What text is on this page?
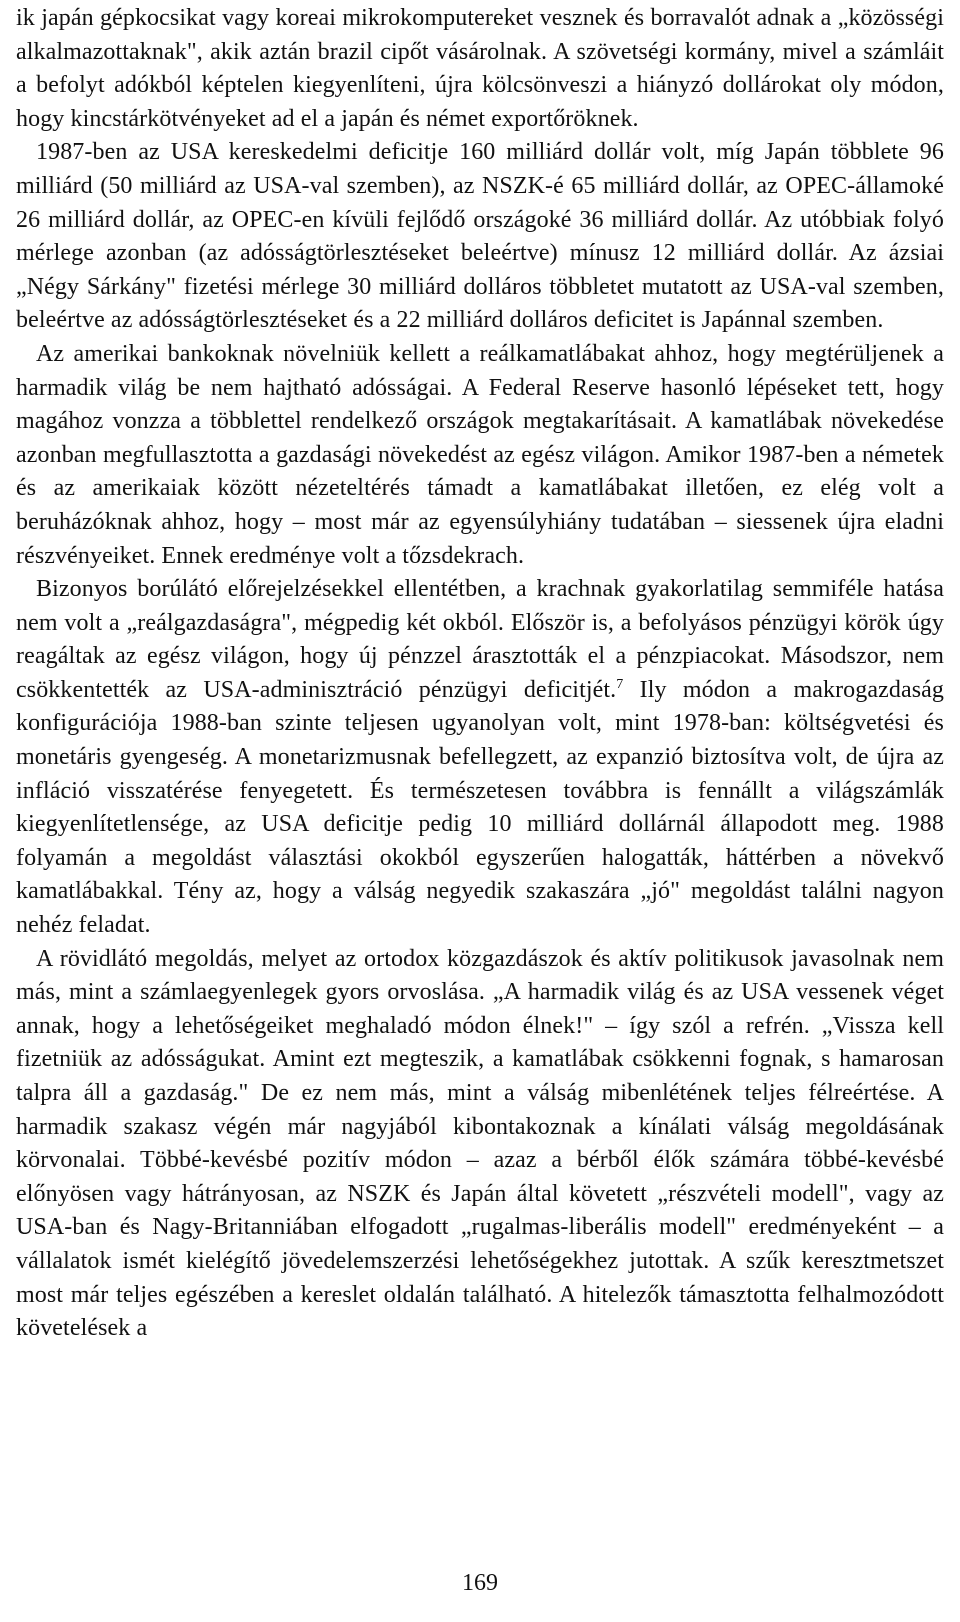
ik japán gépkocsikat vagy koreai mikrokomputereket vesznek és borravalót adnak a „közösségi alkalmazottaknak", akik aztán brazil cipőt vásárolnak. A szövetségi kormány, mivel a számláit a befolyt adókból képtelen kiegyenlíteni, újra kölcsönveszi a hiányzó dollárokat oly módon, hogy kincstárkötvényeket ad el a japán és német exportőröknek.

1987-ben az USA kereskedelmi deficitje 160 milliárd dollár volt, míg Japán többlete 96 milliárd (50 milliárd az USA-val szemben), az NSZK-é 65 milliárd dollár, az OPEC-államoké 26 milliárd dollár, az OPEC-en kívüli fejlődő országoké 36 milliárd dollár. Az utóbbiak folyó mérlege azonban (az adósságtörlesztéseket beleértve) mínusz 12 milliárd dollár. Az ázsiai „Négy Sárkány" fizetési mérlege 30 milliárd dolláros többletet mutatott az USA-val szemben, beleértve az adósságtörlesztéseket és a 22 milliárd dolláros deficitet is Japánnal szemben.

Az amerikai bankoknak növelniük kellett a reálkamatlábakat ahhoz, hogy megtérüljenek a harmadik világ be nem hajtható adósságai. A Federal Reserve hasonló lépéseket tett, hogy magához vonzza a többlettel rendelkező országok megtakarításait. A kamatlábak növekedése azonban megfullasztotta a gazdasági növekedést az egész világon. Amikor 1987-ben a németek és az amerikaiak között nézeteltérés támadt a kamatlábakat illetően, ez elég volt a beruházóknak ahhoz, hogy – most már az egyensúlyhiány tudatában – siessenek újra eladni részvényeiket. Ennek eredménye volt a tőzsdekrach.

Bizonyos borúlátó előrejelzésekkel ellentétben, a krachnak gyakorlatilag semmiféle hatása nem volt a „reálgazdaságra", mégpedig két okból. Először is, a befolyásos pénzügyi körök úgy reagáltak az egész világon, hogy új pénzzel árasztották el a pénzpiacokat. Másodszor, nem csökkentették az USA-adminisztráció pénzügyi deficitjét.$^7$ Ily módon a makrogazdaság konfigurációja 1988-ban szinte teljesen ugyanolyan volt, mint 1978-ban: költségvetési és monetáris gyengeség. A monetarizmusnak befellegzett, az expanzió biztosítva volt, de újra az infláció visszatérése fenyegetett. És természetesen továbbra is fennállt a világszámlák kiegyenlítetlensége, az USA deficitje pedig 10 milliárd dollárnál állapodott meg. 1988 folyamán a megoldást választási okokból egyszerűen halogatták, háttérben a növekvő kamatlábakkal. Tény az, hogy a válság negyedik szakaszára „jó" megoldást találni nagyon nehéz feladat.

A rövidlátó megoldás, melyet az ortodox közgazdászok és aktív politikusok javasolnak nem más, mint a számlaegyenlegek gyors orvoslása. „A harmadik világ és az USA vessenek véget annak, hogy a lehetőségeiket meghaladó módon élnek!" – így szól a refrén. „Vissza kell fizetniük az adósságukat. Amint ezt megteszik, a kamatlábak csökkenni fognak, s hamarosan talpra áll a gazdaság." De ez nem más, mint a válság mibenlétének teljes félreértése. A harmadik szakasz végén már nagyjából kibontakoznak a kínálati válság megoldásának körvonalai. Többé-kevésbé pozitív módon – azaz a bérből élők számára többé-kevésbé előnyösen vagy hátrányosan, az NSZK és Japán által követett „részvételi modell", vagy az USA-ban és Nagy-Britanniában elfogadott „rugalmas-liberális modell" eredményeként – a vállalatok ismét kielégítő jövedelemszerzési lehetőségekhez jutottak. A szűk keresztmetszet most már teljes egészében a kereslet oldalán található. A hitelezők támasztotta felhalmozódott követelések a

169
